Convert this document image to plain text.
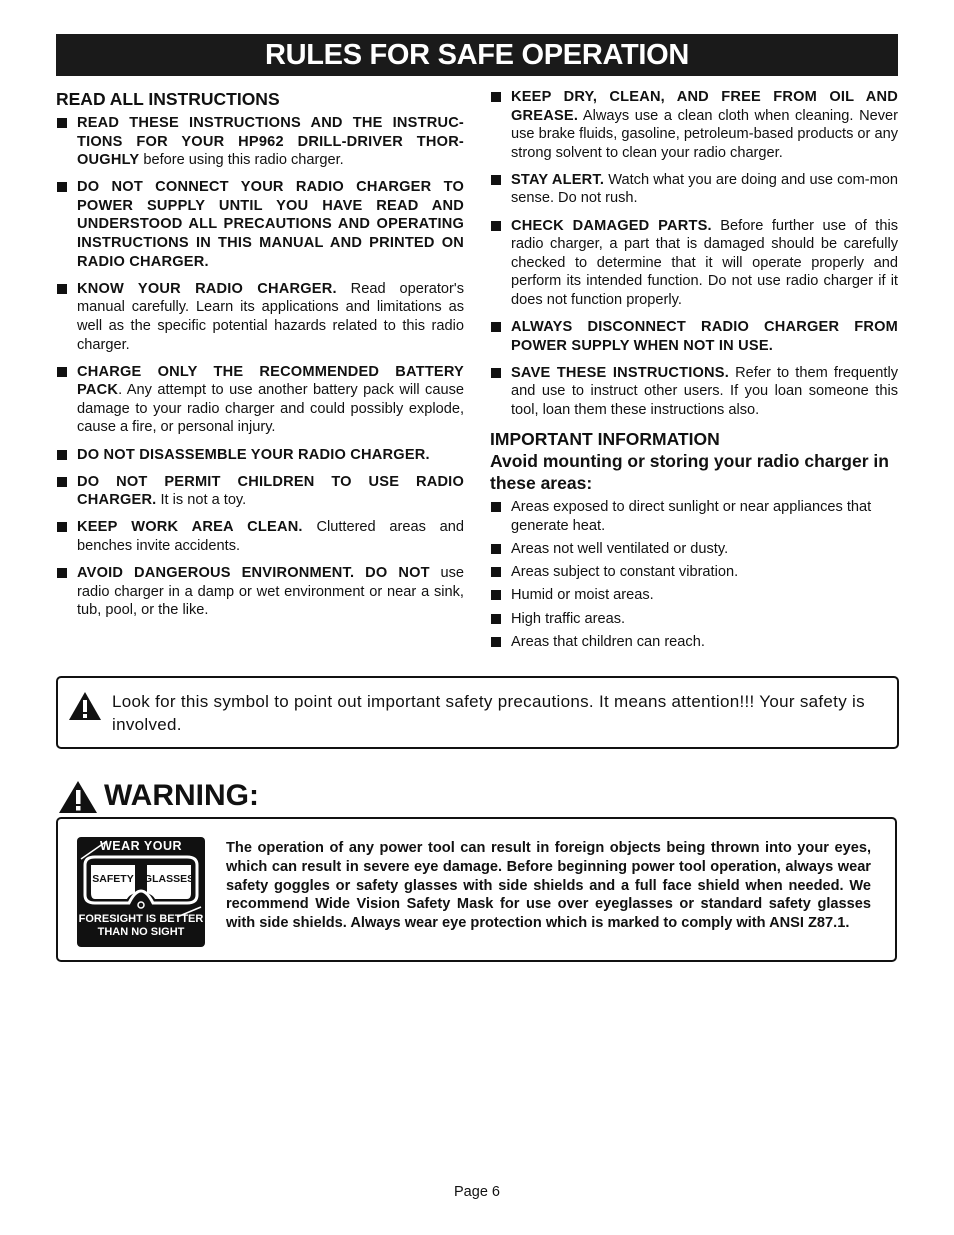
RULES FOR SAFE OPERATION
READ ALL INSTRUCTIONS
READ THESE INSTRUCTIONS AND THE INSTRUC-TIONS FOR YOUR HP962 DRILL-DRIVER THOR-OUGHLY before using this radio charger.
DO NOT CONNECT YOUR RADIO CHARGER TO POWER SUPPLY UNTIL YOU HAVE READ AND UNDERSTOOD ALL PRECAUTIONS AND OPERATING INSTRUCTIONS IN THIS MANUAL AND PRINTED ON RADIO CHARGER.
KNOW YOUR RADIO CHARGER. Read operator's manual carefully. Learn its applications and limitations as well as the specific potential hazards related to this radio charger.
CHARGE ONLY THE RECOMMENDED BATTERY PACK. Any attempt to use another battery pack will cause damage to your radio charger and could possibly explode, cause a fire, or personal injury.
DO NOT DISASSEMBLE YOUR RADIO CHARGER.
DO NOT PERMIT CHILDREN TO USE RADIO CHARGER. It is not a toy.
KEEP WORK AREA CLEAN. Cluttered areas and benches invite accidents.
AVOID DANGEROUS ENVIRONMENT. DO NOT use radio charger in a damp or wet environment or near a sink, tub, pool, or the like.
KEEP DRY, CLEAN, AND FREE FROM OIL AND GREASE. Always use a clean cloth when cleaning. Never use brake fluids, gasoline, petroleum-based products or any strong solvent to clean your radio charger.
STAY ALERT. Watch what you are doing and use com-mon sense. Do not rush.
CHECK DAMAGED PARTS. Before further use of this radio charger, a part that is damaged should be carefully checked to determine that it will operate properly and perform its intended function. Do not use radio charger if it does not function properly.
ALWAYS DISCONNECT RADIO CHARGER FROM POWER SUPPLY WHEN NOT IN USE.
SAVE THESE INSTRUCTIONS. Refer to them frequently and use to instruct other users. If you loan someone this tool, loan them these instructions also.
IMPORTANT INFORMATION
Avoid mounting or storing your radio charger in these areas:
Areas exposed to direct sunlight or near appliances that generate heat.
Areas not well ventilated or dusty.
Areas subject to constant vibration.
Humid or moist areas.
High traffic areas.
Areas that children can reach.
Look for this symbol to point out important safety precautions. It means attention!!! Your safety is involved.
WARNING:
SAFETY GLASSES
WEAR YOUR
FORESIGHT IS BETTER THAN NO SIGHT
The operation of any power tool can result in foreign objects being thrown into your eyes, which can result in severe eye damage. Before beginning power tool operation, always wear safety goggles or safety glasses with side shields and a full face shield when needed. We recommend Wide Vision Safety Mask for use over eyeglasses or standard safety glasses with side shields. Always wear eye protection which is marked to comply with ANSI Z87.1.
Page 6
